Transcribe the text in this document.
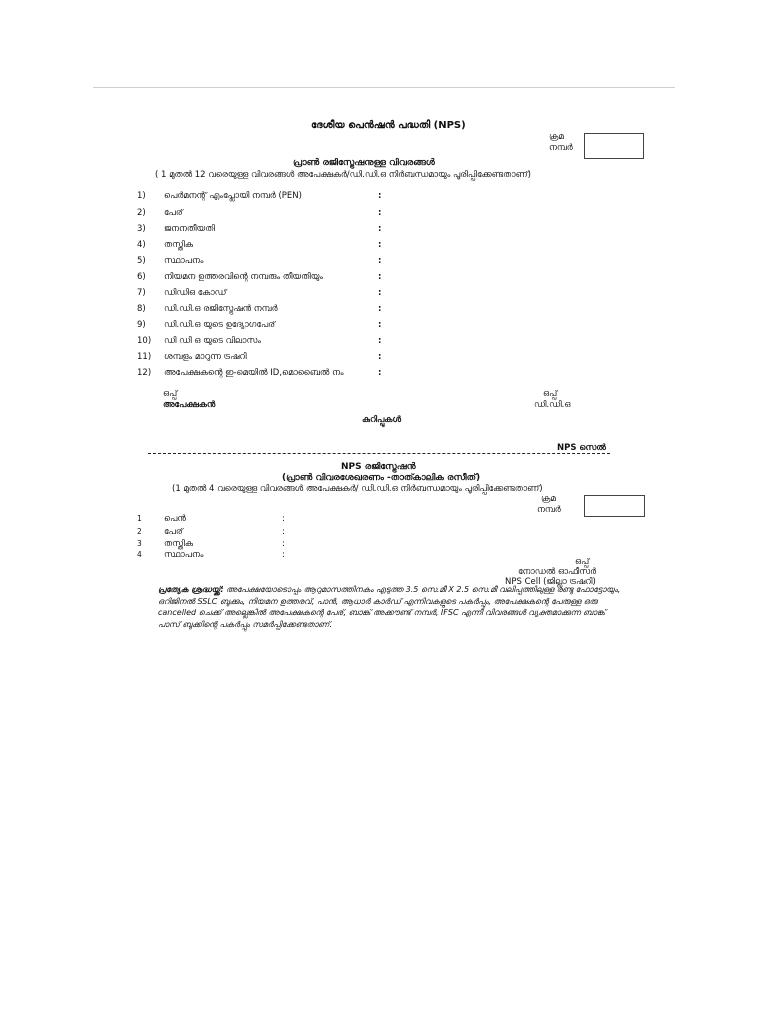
ദേശീയ പെൻഷൻ പദ്ധതി (NPS)
ക്രമ
നമ്പർ
പ്രാൺ രജിസ്ട്രേഷനുള്ള വിവരങ്ങൾ
( 1 മുതൽ 12 വരെയുള്ള വിവരങ്ങൾ അപേക്ഷകർ/ഡി.ഡി.ഒ നിർബന്ധമായും പൂരിപ്പിക്കേണ്ടതാണ്)
1) പെർമനന്റ് എംപ്ലോയി നമ്പർ (PEN)	:
2) പേര്	:
3) ജനനതീയതി	:
4) തസ്തിക	:
5) സ്ഥാപനം	:
6) നിയമന ഉത്തരവിന്റെ നമ്പരും തീയതിയും	:
7) ഡിഡിഒ കോഡ്	:
8) ഡി.ഡി.ഒ രജിസ്ട്രേഷൻ നമ്പർ	:
9) ഡി.ഡി.ഒ യുടെ ഉദ്യോഗപേര്	:
10) ഡി ഡി ഒ യുടെ വിലാസം	:
11) ശമ്പളം മാറുന്ന ട്രഷറി	:
12) അപേക്ഷകന്റെ ഇ-മെയിൽ ID,മൊബൈൽ നം	:
ഒപ്പ്
അപേക്ഷകൻ
ഒപ്പ്
ഡി.ഡി.ഒ
കുറിപ്പുകൾ
NPS സെൽ
NPS രജിസ്ട്രേഷൻ
(പ്രാൺ വിവരശേഖരണം -താത്കാലിക രസീത്)
(1 മുതൽ 4 വരെയുള്ള വിവരങ്ങൾ അപേക്ഷകർ/ ഡി.ഡി.ഒ നിർബന്ധമായും പൂരിപ്പിക്കേണ്ടതാണ്)
ക്രമ
നമ്പർ
1	പെൻ	:
2	പേര്	:
3	തസ്തിക	:
4	സ്ഥാപനം	:
ഒപ്പ്
നോഡൽ ഓഫീസർ
NPS Cell (ജില്ലാ ട്രഷറി)
പ്രത്യേക ശ്രദ്ധയ്ക്ക്: അപേക്ഷയോടൊപ്പം ആറുമാസത്തിനകം എടുത്ത 3.5 സെ.മീ X 2.5 സെ.മീ വലിപ്പത്തിലുള്ള രണ്ടു ഫോട്ടോയും, ഒറിജിനൽ SSLC ബുക്കും, നിയമന ഉത്തരവ്, പാൻ, ആധാർ കാർഡ് എന്നിവകളുടെ പകർപ്പും, അപേക്ഷകന്റെ പേരുള്ള ഒരു cancelled ചെക്ക് അല്ലെങ്കിൽ അപേക്ഷകന്റെ പേര്, ബാങ്ക് അക്കൗണ്ട് നമ്പർ, IFSC എന്നീ വിവരങ്ങൾ വ്യക്തമാക്കുന്ന ബാങ്ക് പാസ് ബുക്കിന്റെ പകർപ്പും സമർപ്പിക്കേണ്ടതാണ്.
